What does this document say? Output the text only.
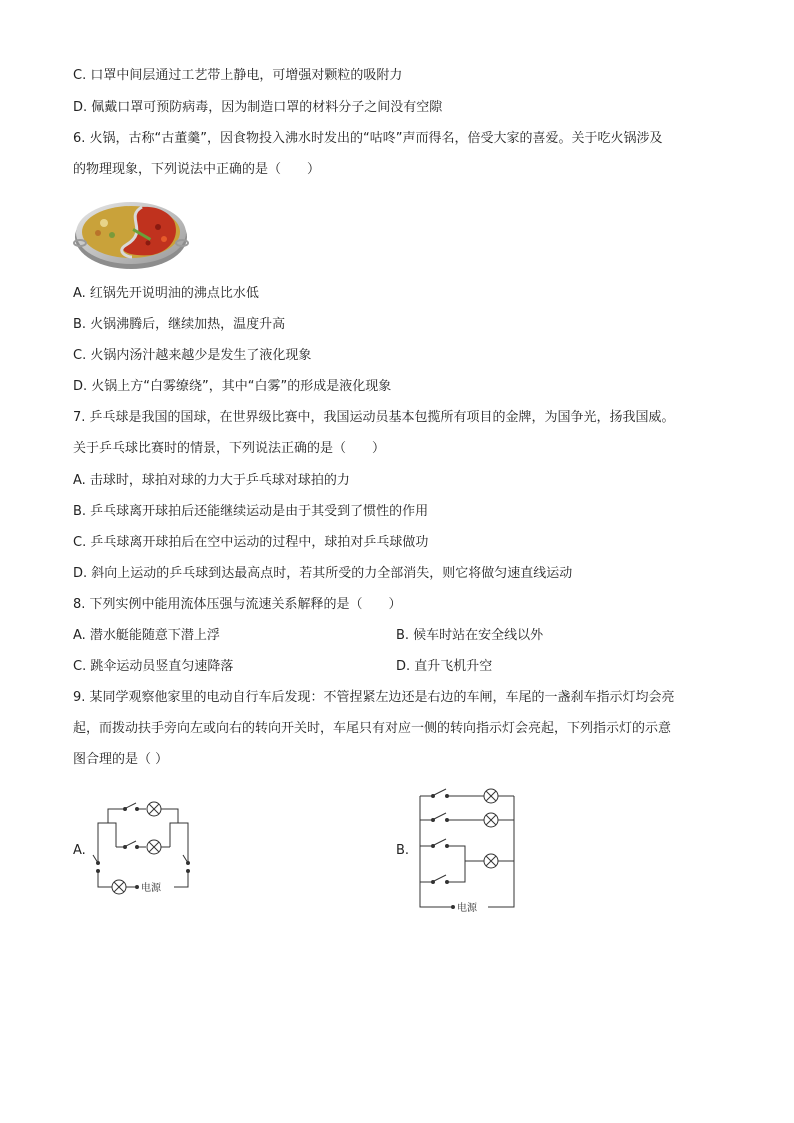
C. 口罩中间层通过工艺带上静电，可增强对颗粒的吸附力
D. 佩戴口罩可预防病毒，因为制造口罩的材料分子之间没有空隙
6. 火锅，古称“古董羹”，因食物投入沸水时发出的“咕咚”声而得名，倍受大家的喜爱。关于吃火锅涉及
的物理现象，下列说法中正确的是（　　）
A. 红锅先开说明油的沸点比水低
B. 火锅沸腾后，继续加热，温度升高
C. 火锅内汤汁越来越少是发生了液化现象
D. 火锅上方“白雾缭绕”，其中“白雾”的形成是液化现象
7. 乒乓球是我国的国球，在世界级比赛中，我国运动员基本包揽所有项目的金牌，为国争光，扬我国威。
关于乒乓球比赛时的情景，下列说法正确的是（　　）
A. 击球时，球拍对球的力大于乒乓球对球拍的力
B. 乒乓球离开球拍后还能继续运动是由于其受到了惯性的作用
C. 乒乓球离开球拍后在空中运动的过程中，球拍对乒乓球做功
D. 斜向上运动的乒乓球到达最高点时，若其所受的力全部消失，则它将做匀速直线运动
8. 下列实例中能用流体压强与流速关系解释的是（　　）
A. 潜水艇能随意下潜上浮	B. 候车时站在安全线以外
C. 跳伞运动员竖直匀速降落	D. 直升飞机升空
9. 某同学观察他家里的电动自行车后发现：不管捏紧左边还是右边的车闸，车尾的一盏刹车指示灯均会亮
起，而拨动扶手旁向左或向右的转向开关时，车尾只有对应一侧的转向指示灯会亮起，下列指示灯的示意
图合理的是（ ）
A.
电源
B.
电源
